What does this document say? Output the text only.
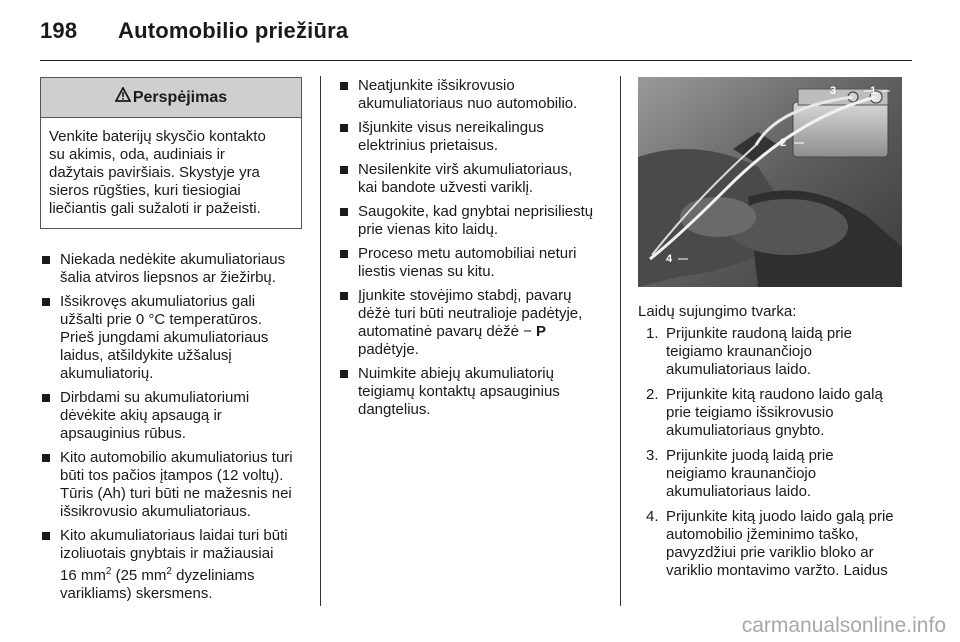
198 Automobilio priežiūra
Perspėjimas
Venkite baterijų skysčio kontakto
su akimis, oda, audiniais ir
dažytais paviršiais. Skystyje yra
sieros rūgšties, kuri tiesiogiai
liečiantis gali sužaloti ir pažeisti.
Niekada nedėkite akumuliatoriaus
šalia atviros liepsnos ar žiežirbų.
Išsikrovęs akumuliatorius gali
užšalti prie 0 °C temperatūros.
Prieš jungdami akumuliatoriaus
laidus, atšildykite užšalusį
akumuliatorių.
Dirbdami su akumuliatoriumi
dėvėkite akių apsaugą ir
apsauginius rūbus.
Kito automobilio akumuliatorius turi
būti tos pačios įtampos (12 voltų).
Tūris (Ah) turi būti ne mažesnis nei
išsikrovusio akumuliatoriaus.
Kito akumuliatoriaus laidai turi būti
izoliuotais gnybtais ir mažiausiai
16 $mm^2$ (25 $mm^2$ dyzeliniams
varikliams) skersmens.
Neatjunkite išsikrovusio
akumuliatoriaus nuo automobilio.
Išjunkite visus nereikalingus
elektrinius prietaisus.
Nesilenkite virš akumuliatoriaus,
kai bandote užvesti variklį.
Saugokite, kad gnybtai neprisiliestų
prie vienas kito laidų.
Proceso metu automobiliai neturi
liestis vienas su kitu.
Įjunkite stovėjimo stabdį, pavarų
dėžė turi būti neutralioje padėtyje,
automatinė pavarų dėžė − P
padėtyje.
Nuimkite abiejų akumuliatorių
teigiamų kontaktų apsauginius
dangtelius.
1
2
3
4
Laidų sujungimo tvarka:
1. Prijunkite raudoną laidą prie
teigiamo kraunančiojo
akumuliatoriaus laido.
2. Prijunkite kitą raudono laido galą
prie teigiamo išsikrovusio
akumuliatoriaus gnybto.
3. Prijunkite juodą laidą prie
neigiamo kraunančiojo
akumuliatoriaus laido.
4. Prijunkite kitą juodo laido galą prie
automobilio įžeminimo taško,
pavyzdžiui prie variklio bloko ar
variklio montavimo varžto. Laidus
carmanualsonline.info
